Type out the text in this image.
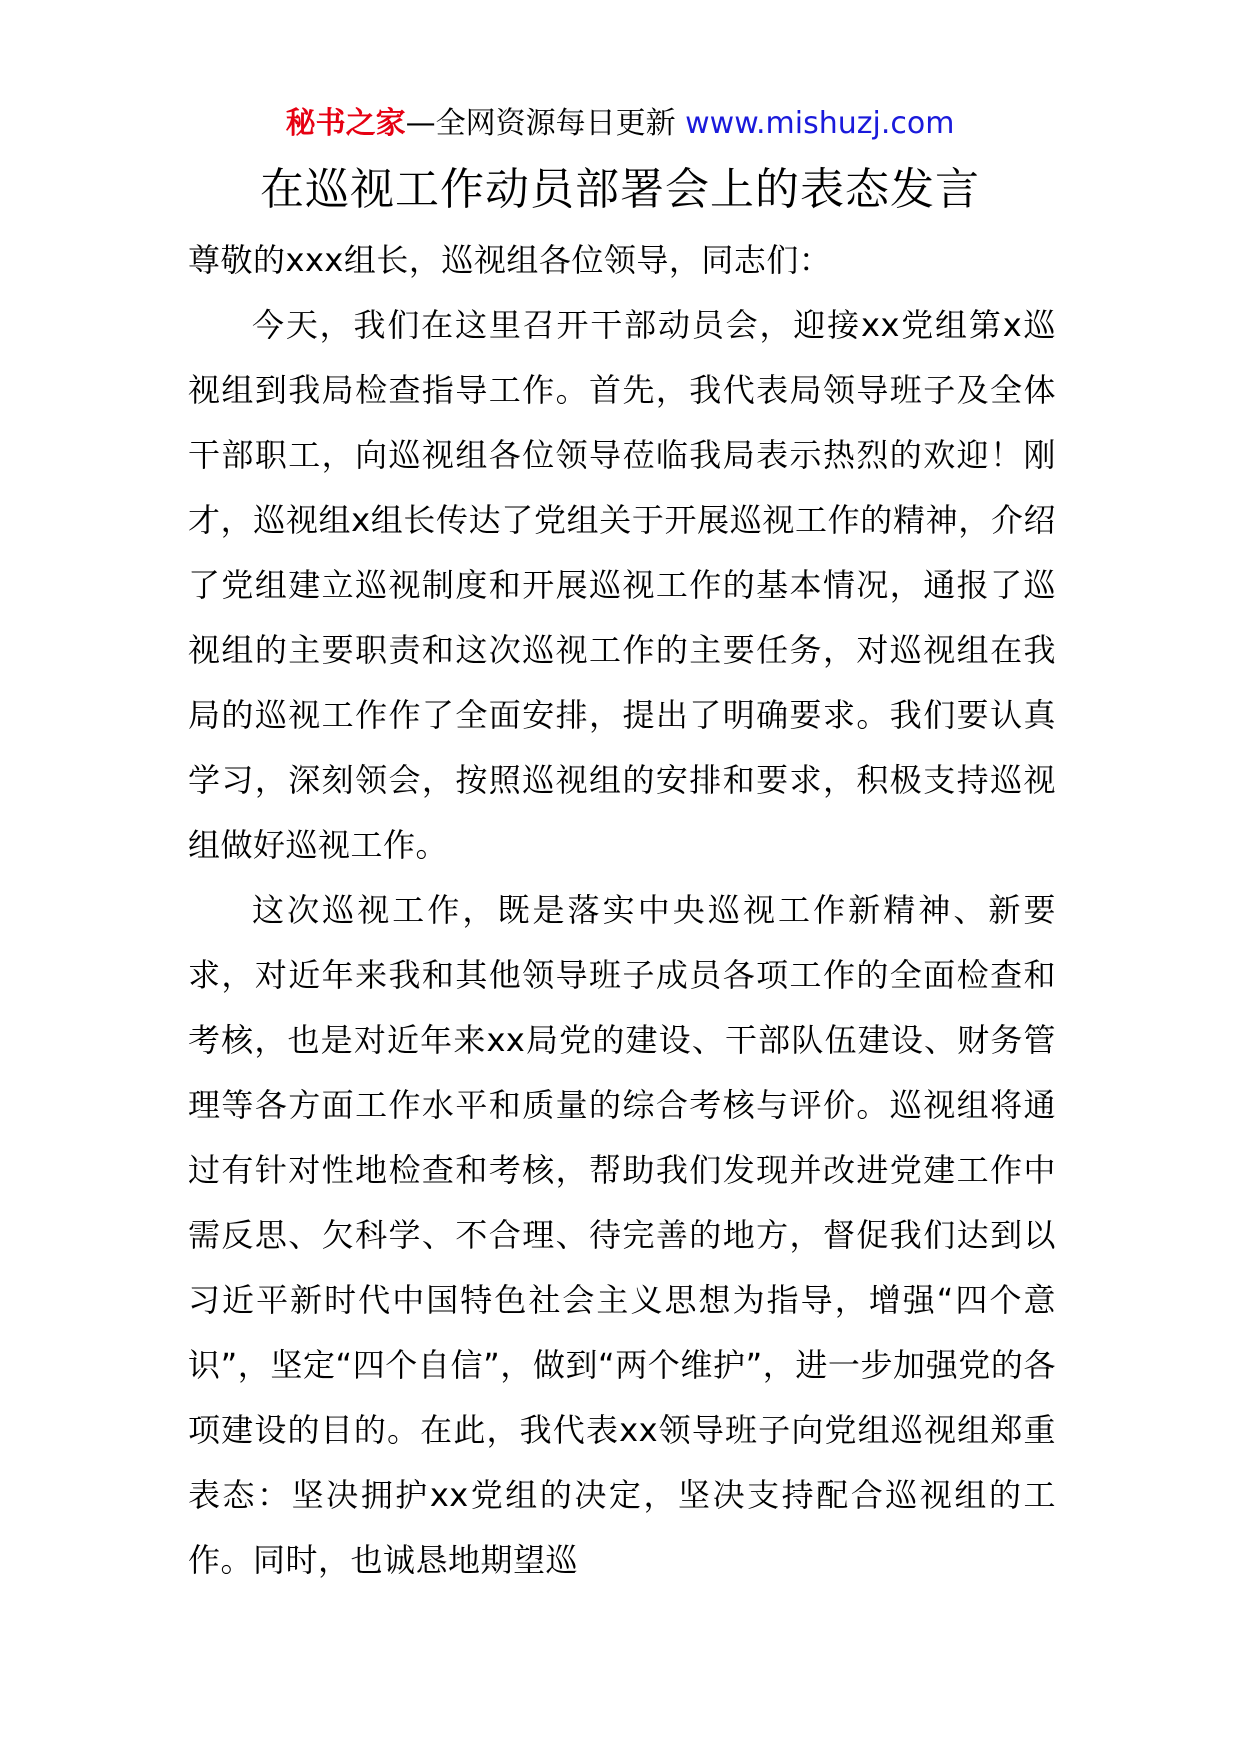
秘书之家—全网资源每日更新 www.mishuzj.com
在巡视工作动员部署会上的表态发言

尊敬的xxx组长，巡视组各位领导，同志们：

今天，我们在这里召开干部动员会，迎接xx党组第x巡视组到我局检查指导工作。首先，我代表局领导班子及全体干部职工，向巡视组各位领导莅临我局表示热烈的欢迎！刚才，巡视组x组长传达了党组关于开展巡视工作的精神，介绍了党组建立巡视制度和开展巡视工作的基本情况，通报了巡视组的主要职责和这次巡视工作的主要任务，对巡视组在我局的巡视工作作了全面安排，提出了明确要求。我们要认真学习，深刻领会，按照巡视组的安排和要求，积极支持巡视组做好巡视工作。

这次巡视工作，既是落实中央巡视工作新精神、新要求，对近年来我和其他领导班子成员各项工作的全面检查和考核，也是对近年来xx局党的建设、干部队伍建设、财务管理等各方面工作水平和质量的综合考核与评价。巡视组将通过有针对性地检查和考核，帮助我们发现并改进党建工作中需反思、欠科学、不合理、待完善的地方，督促我们达到以习近平新时代中国特色社会主义思想为指导，增强“四个意识”，坚定“四个自信”，做到“两个维护”，进一步加强党的各项建设的目的。在此，我代表xx领导班子向党组巡视组郑重表态：坚决拥护xx党组的决定，坚决支持配合巡视组的工作。同时，也诚恳地期望巡
